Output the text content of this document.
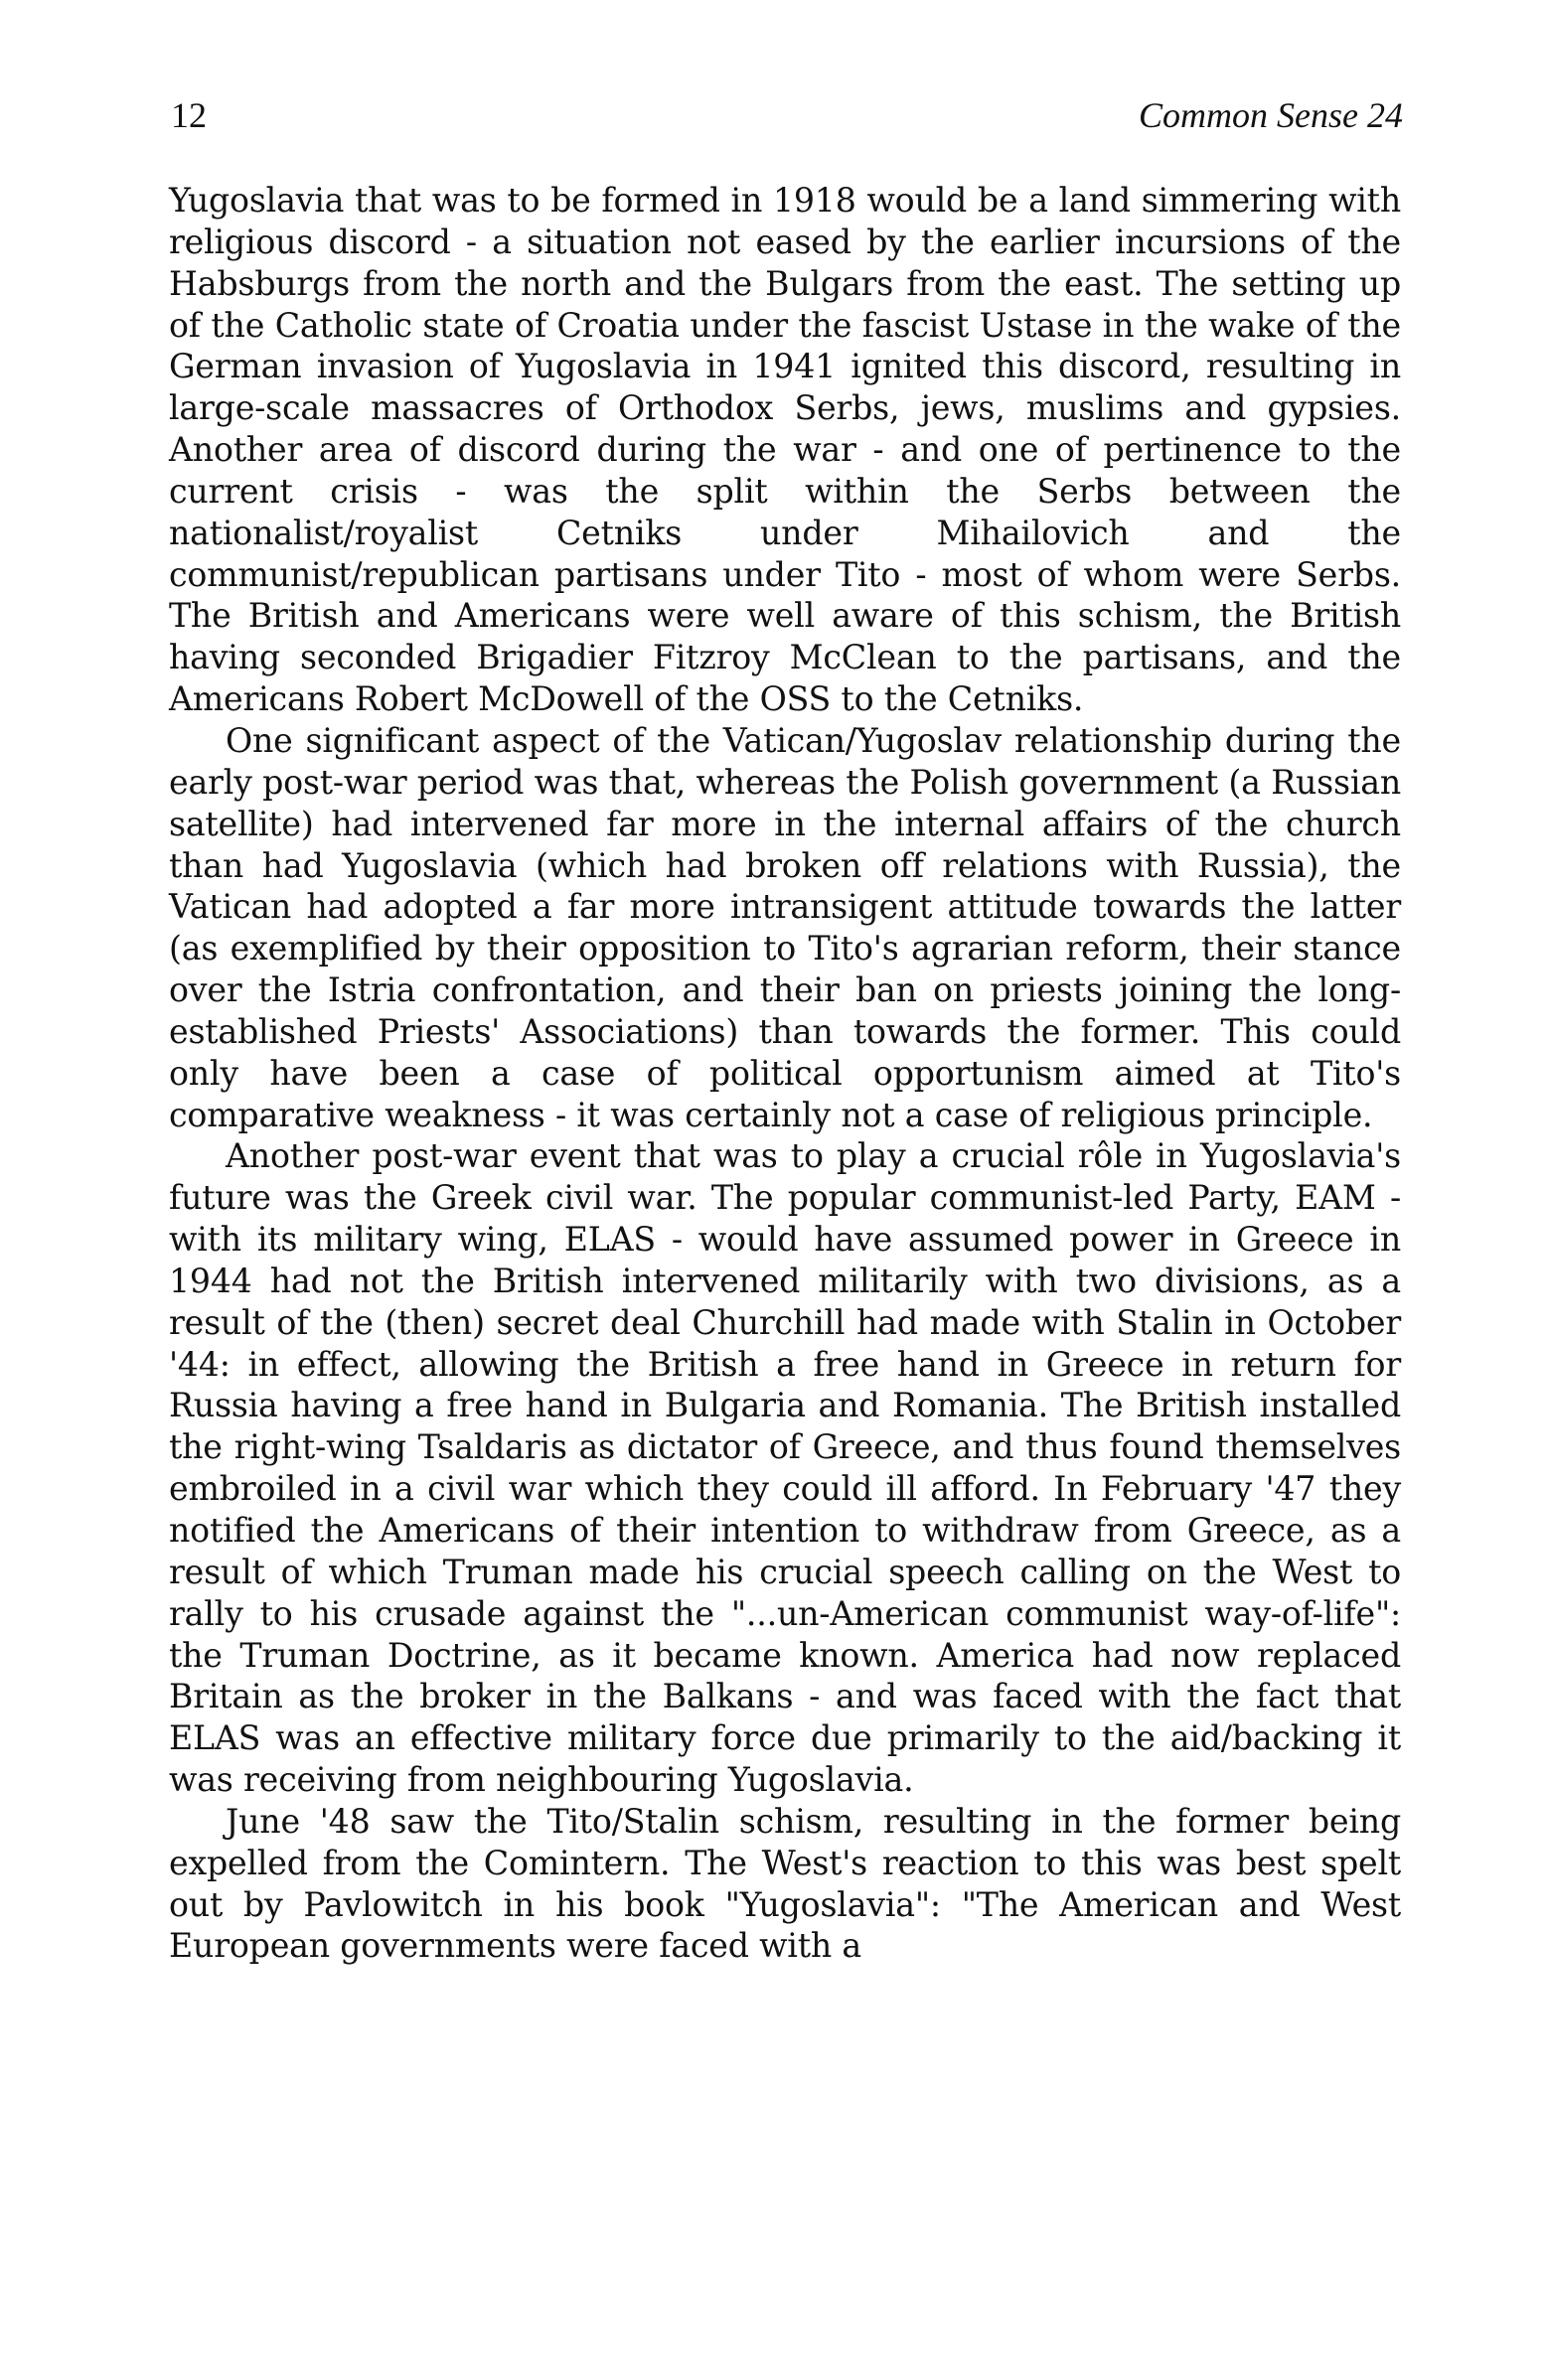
12	Common Sense 24

Yugoslavia that was to be formed in 1918 would be a land simmering with religious discord - a situation not eased by the earlier incursions of the Habsburgs from the north and the Bulgars from the east. The setting up of the Catholic state of Croatia under the fascist Ustase in the wake of the German invasion of Yugoslavia in 1941 ignited this discord, resulting in large-scale massacres of Orthodox Serbs, jews, muslims and gypsies. Another area of discord during the war - and one of pertinence to the current crisis - was the split within the Serbs between the nationalist/royalist Cetniks under Mihailovich and the communist/republican partisans under Tito - most of whom were Serbs. The British and Americans were well aware of this schism, the British having seconded Brigadier Fitzroy McClean to the partisans, and the Americans Robert McDowell of the OSS to the Cetniks.

One significant aspect of the Vatican/Yugoslav relationship during the early post-war period was that, whereas the Polish government (a Russian satellite) had intervened far more in the internal affairs of the church than had Yugoslavia (which had broken off relations with Russia), the Vatican had adopted a far more intransigent attitude towards the latter (as exemplified by their opposition to Tito's agrarian reform, their stance over the Istria confrontation, and their ban on priests joining the long-established Priests' Associations) than towards the former. This could only have been a case of political opportunism aimed at Tito's comparative weakness - it was certainly not a case of religious principle.

Another post-war event that was to play a crucial rôle in Yugoslavia's future was the Greek civil war. The popular communist-led Party, EAM - with its military wing, ELAS - would have assumed power in Greece in 1944 had not the British intervened militarily with two divisions, as a result of the (then) secret deal Churchill had made with Stalin in October '44: in effect, allowing the British a free hand in Greece in return for Russia having a free hand in Bulgaria and Romania. The British installed the right-wing Tsaldaris as dictator of Greece, and thus found themselves embroiled in a civil war which they could ill afford. In February '47 they notified the Americans of their intention to withdraw from Greece, as a result of which Truman made his crucial speech calling on the West to rally to his crusade against the "...un-American communist way-of-life": the Truman Doctrine, as it became known. America had now replaced Britain as the broker in the Balkans - and was faced with the fact that ELAS was an effective military force due primarily to the aid/backing it was receiving from neighbouring Yugoslavia.

June '48 saw the Tito/Stalin schism, resulting in the former being expelled from the Comintern. The West's reaction to this was best spelt out by Pavlowitch in his book "Yugoslavia": "The American and West European governments were faced with a
